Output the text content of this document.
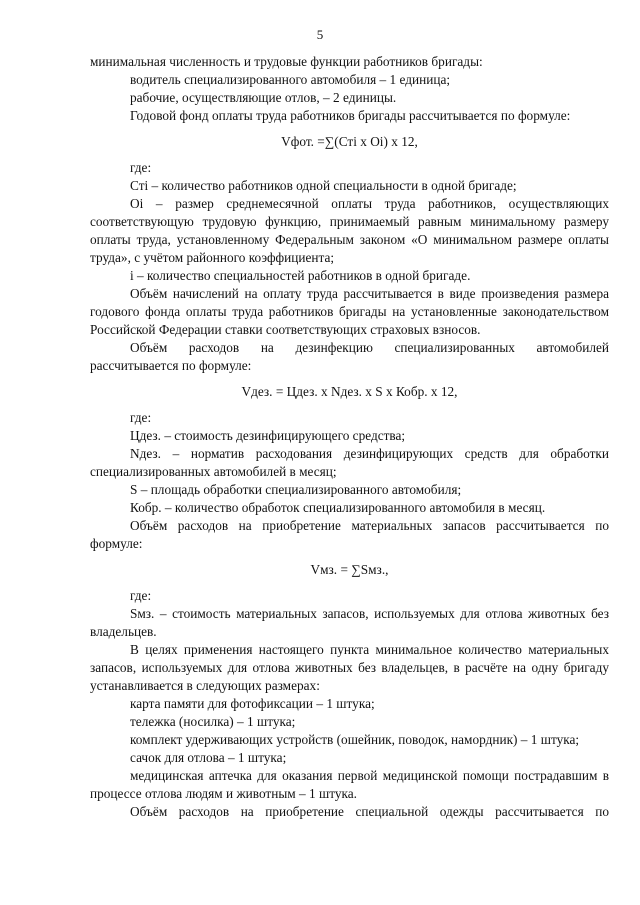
5

минимальная численность и трудовые функции работников бригады:

водитель специализированного автомобиля – 1 единица;

рабочие, осуществляющие отлов, – 2 единицы.

Годовой фонд оплаты труда работников бригады рассчитывается по формуле:

Vфот. =∑(Сті x Оі) x 12,

где:

Сті – количество работников одной специальности в одной бригаде;

Оі – размер среднемесячной оплаты труда работников, осуществляющих соответствующую трудовую функцию, принимаемый равным минимальному размеру оплаты труда, установленному Федеральным законом «О минимальном размере оплаты труда», с учётом районного коэффициента;

і – количество специальностей работников в одной бригаде.

Объём начислений на оплату труда рассчитывается в виде произведения размера годового фонда оплаты труда работников бригады на установленные законодательством Российской Федерации ставки соответствующих страховых взносов.

Объём расходов на дезинфекцию специализированных автомобилей рассчитывается по формуле:

Vдез. = Цдез. x Nдез. x S x Кобр. x 12,

где:

Цдез. – стоимость дезинфицирующего средства;

Nдез. – норматив расходования дезинфицирующих средств для обработки специализированных автомобилей в месяц;

S – площадь обработки специализированного автомобиля;

Кобр. – количество обработок специализированного автомобиля в месяц.

Объём расходов на приобретение материальных запасов рассчитывается по формуле:

Vмз. = ∑Sмз.,

где:

Sмз. – стоимость материальных запасов, используемых для отлова животных без владельцев.

В целях применения настоящего пункта минимальное количество материальных запасов, используемых для отлова животных без владельцев, в расчёте на одну бригаду устанавливается в следующих размерах:

карта памяти для фотофиксации – 1 штука;

тележка (носилка) – 1 штука;

комплект удерживающих устройств (ошейник, поводок, намордник) – 1 штука;

сачок для отлова – 1 штука;

медицинская аптечка для оказания первой медицинской помощи пострадавшим в процессе отлова людям и животным – 1 штука.

Объём расходов на приобретение специальной одежды рассчитывается по
